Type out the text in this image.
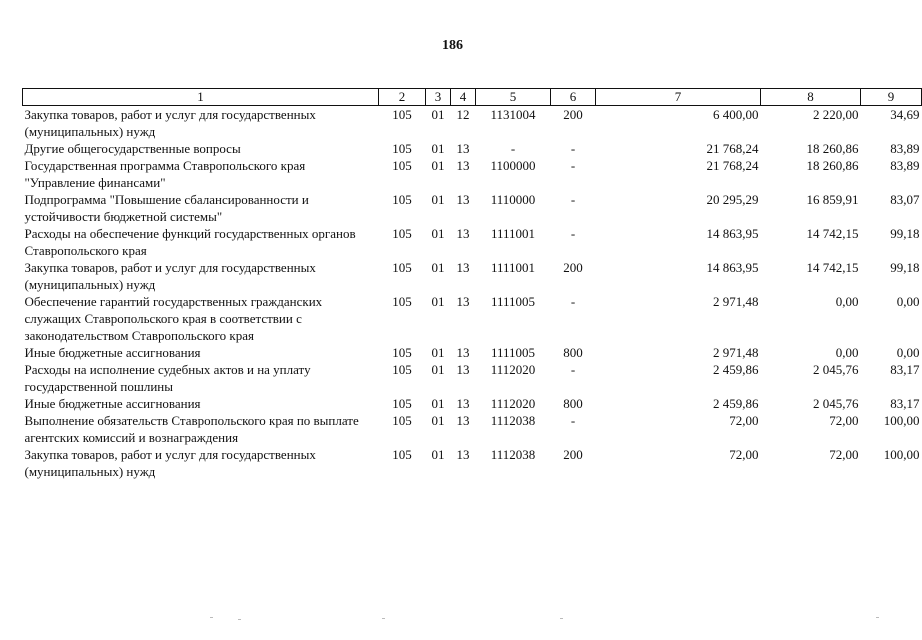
186
1	2	3	4	5	6	7	8	9
Закупка товаров, работ и услуг для государственных (муниципальных) нужд	105	01	12	1131004	200	6 400,00	2 220,00	34,69
Другие общегосударственные вопросы	105	01	13	-	-	21 768,24	18 260,86	83,89
Государственная программа Ставропольского края "Управление финансами"	105	01	13	1100000	-	21 768,24	18 260,86	83,89
Подпрограмма "Повышение сбалансированности и устойчивости бюджетной системы"	105	01	13	1110000	-	20 295,29	16 859,91	83,07
Расходы на обеспечение функций государственных органов Ставропольского края	105	01	13	1111001	-	14 863,95	14 742,15	99,18
Закупка товаров, работ и услуг для государственных (муниципальных) нужд	105	01	13	1111001	200	14 863,95	14 742,15	99,18
Обеспечение гарантий государственных гражданских служащих Ставропольского края в соответствии с законодательством Ставропольского края	105	01	13	1111005	-	2 971,48	0,00	0,00
Иные бюджетные ассигнования	105	01	13	1111005	800	2 971,48	0,00	0,00
Расходы на исполнение судебных актов и на уплату государственной пошлины	105	01	13	1112020	-	2 459,86	2 045,76	83,17
Иные бюджетные ассигнования	105	01	13	1112020	800	2 459,86	2 045,76	83,17
Выполнение обязательств Ставропольского края по выплате агентских комиссий и вознаграждения	105	01	13	1112038	-	72,00	72,00	100,00
Закупка товаров, работ и услуг для государственных (муниципальных) нужд	105	01	13	1112038	200	72,00	72,00	100,00
